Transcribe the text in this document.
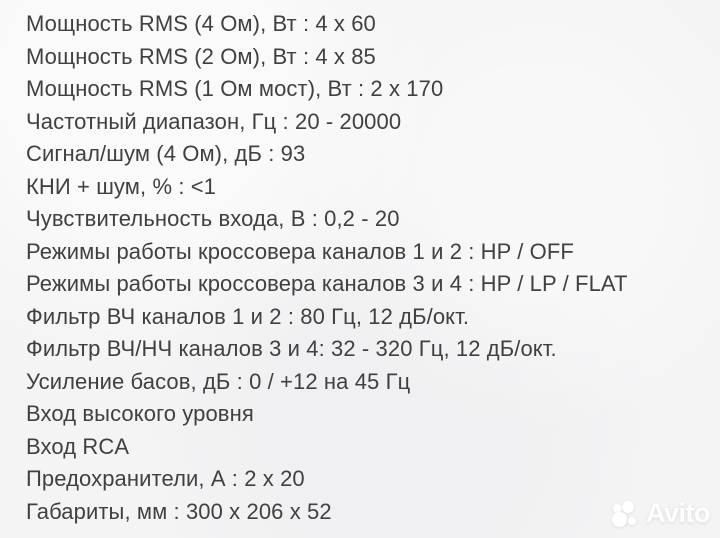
Мощность RMS (4 Ом), Вт : 4 x 60
Мощность RMS (2 Ом), Вт : 4 x 85
Мощность RMS (1 Ом мост), Вт : 2 x 170
Частотный диапазон, Гц : 20 - 20000
Сигнал/шум (4 Ом), дБ : 93
КНИ + шум, % : <1
Чувствительность входа, В : 0,2 - 20
Режимы работы кроссовера каналов 1 и 2 : HP / OFF
Режимы работы кроссовера каналов 3 и 4 : HP / LP / FLAT
Фильтр ВЧ каналов 1 и 2 : 80 Гц, 12 дБ/окт.
Фильтр ВЧ/НЧ каналов 3 и 4: 32 - 320 Гц, 12 дБ/окт.
Усиление басов, дБ : 0 / +12 на 45 Гц
Вход высокого уровня
Вход RCA
Предохранители, А : 2 x 20
Габариты, мм : 300 x 206 x 52	Avito
